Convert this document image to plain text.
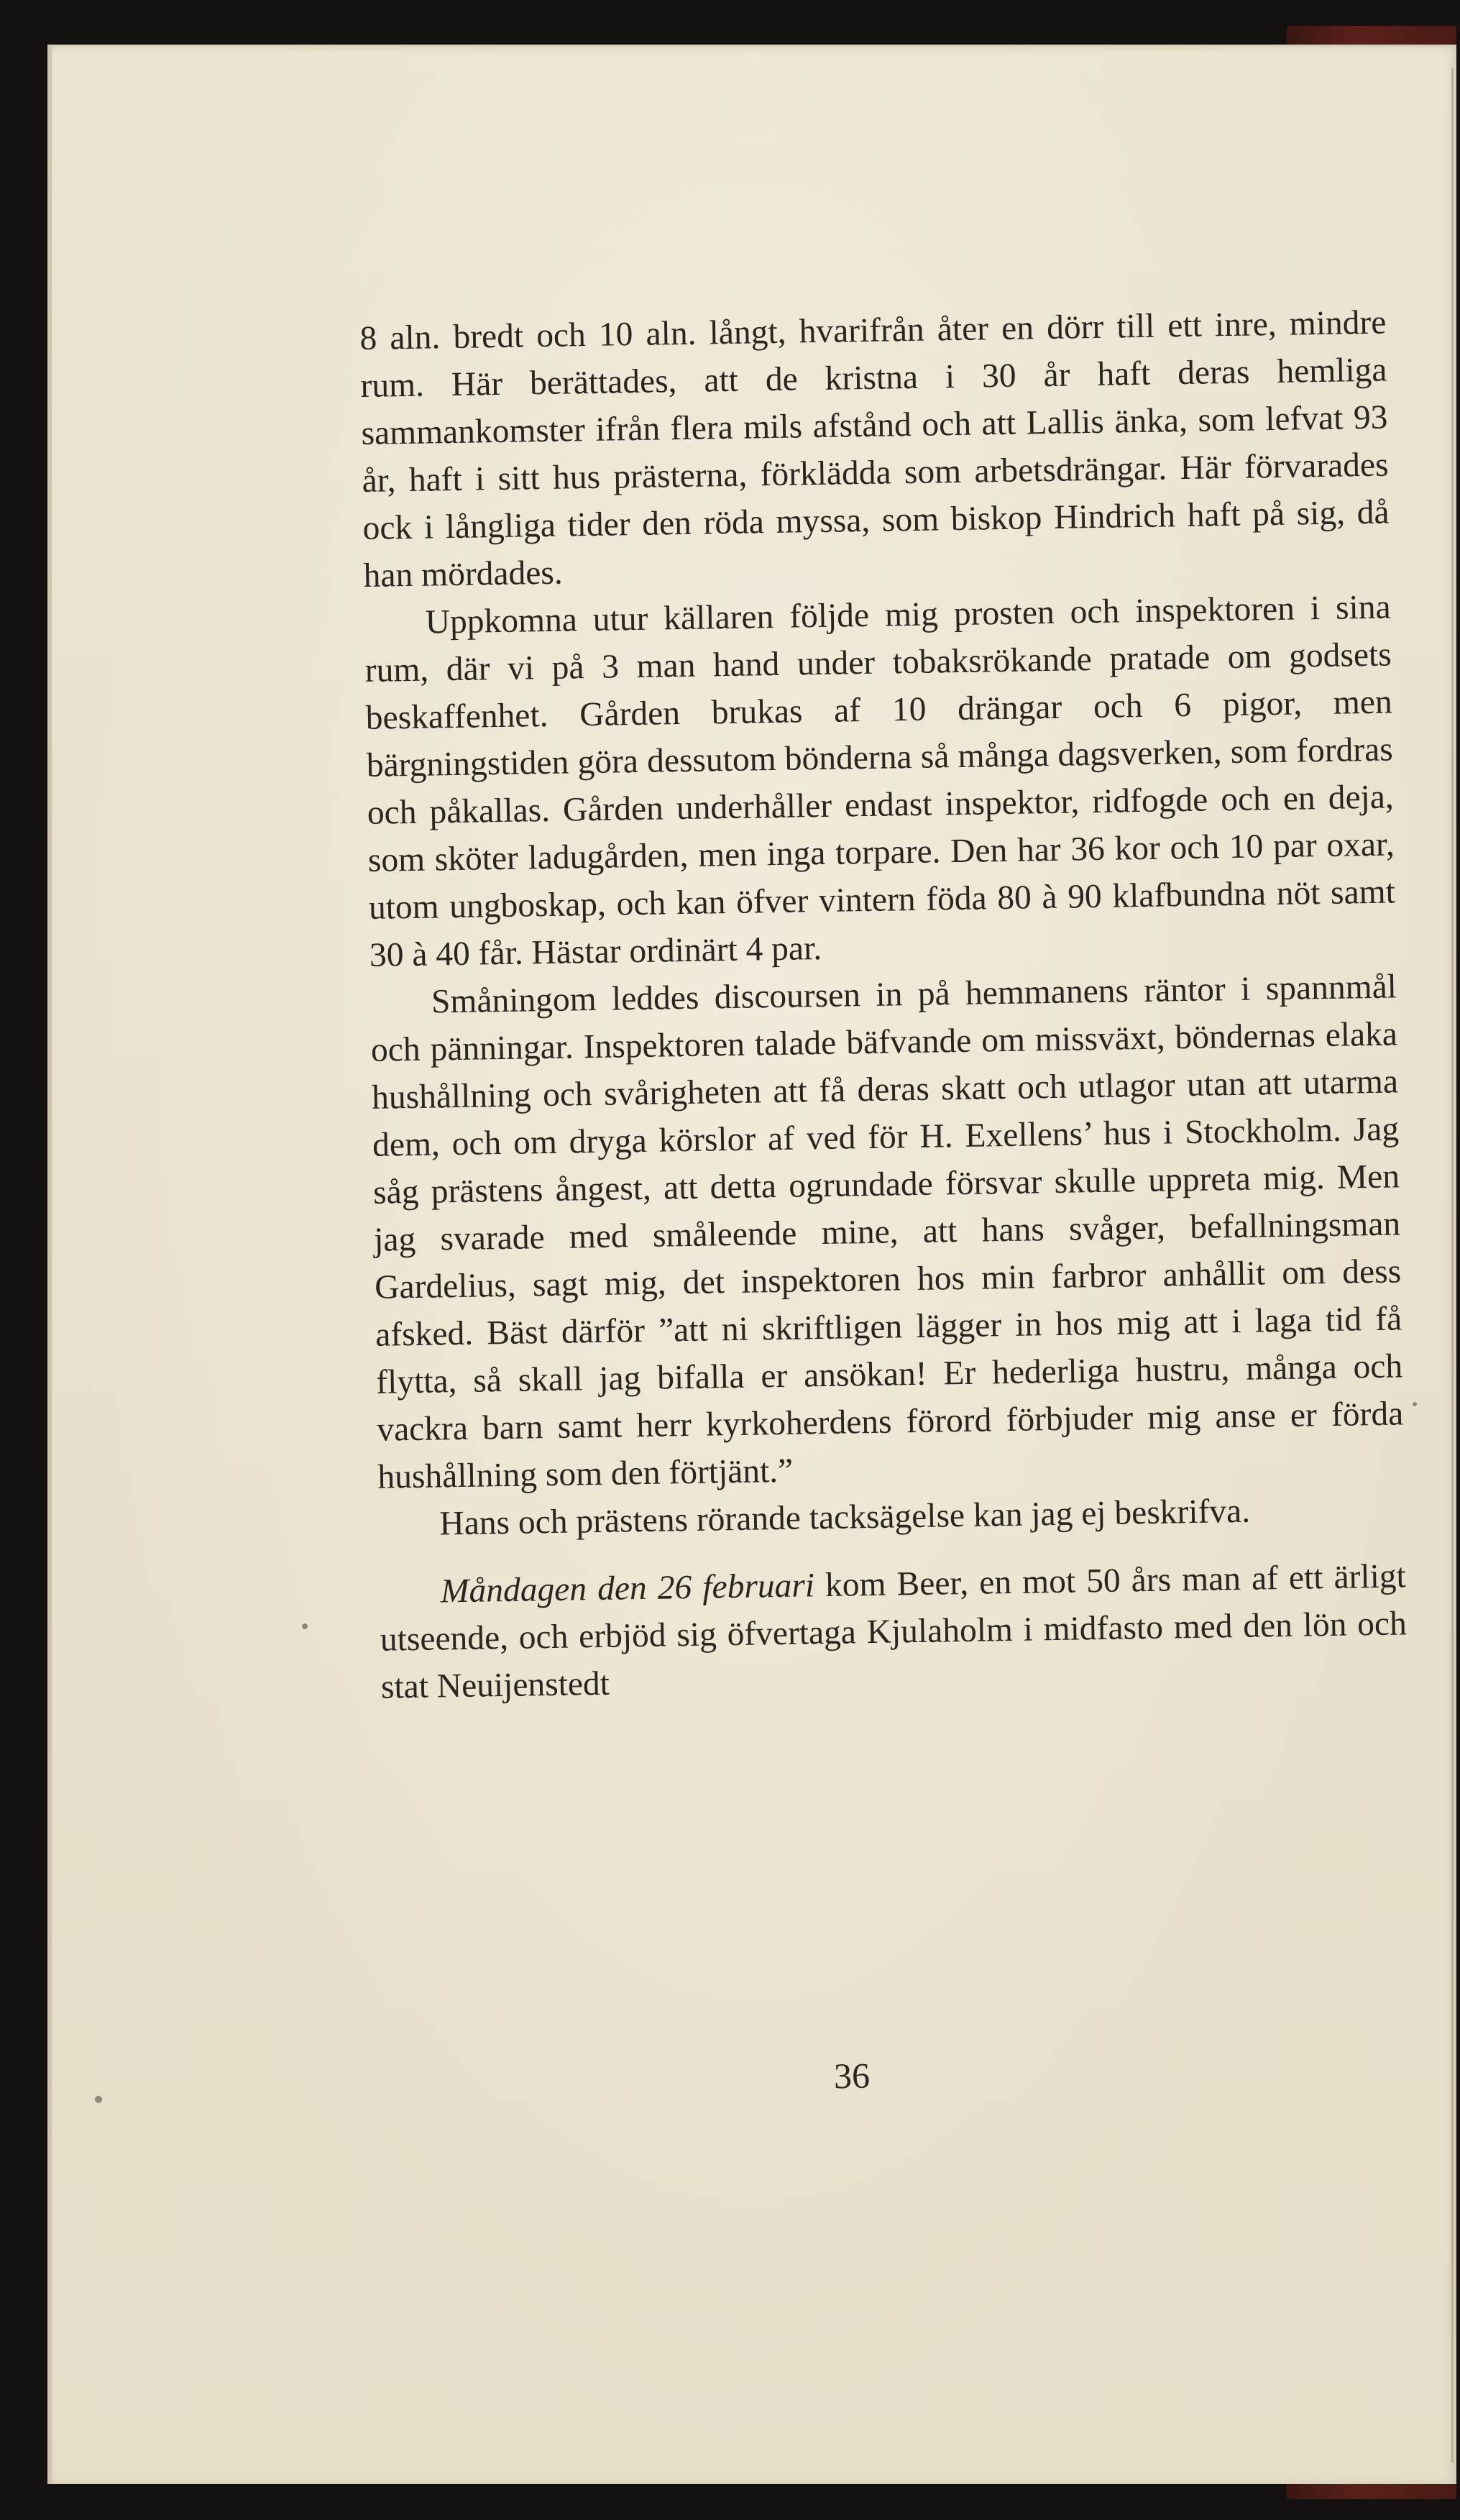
8 aln. bredt och 10 aln. långt, hvarifrån åter en dörr till ett inre, mindre rum. Här berättades, att de kristna i 30 år haft deras hemliga sammankomster ifrån flera mils afstånd och att Lallis änka, som lefvat 93 år, haft i sitt hus prästerna, förklädda som arbetsdrängar. Här förvarades ock i långliga tider den röda myssa, som biskop Hindrich haft på sig, då han mördades.

Uppkomna utur källaren följde mig prosten och inspektoren i sina rum, där vi på 3 man hand under tobaksrökande pratade om godsets beskaffenhet. Gården brukas af 10 drängar och 6 pigor, men bärgningstiden göra dessutom bönderna så många dagsverken, som fordras och påkallas. Gården underhåller endast inspektor, ridfogde och en deja, som sköter ladugården, men inga torpare. Den har 36 kor och 10 par oxar, utom ungboskap, och kan öfver vintern föda 80 à 90 klafbundna nöt samt 30 à 40 får. Hästar ordinärt 4 par.

Småningom leddes discoursen in på hemmanens räntor i spannmål och pänningar. Inspektoren talade bäfvande om missväxt, böndernas elaka hushållning och svårigheten att få deras skatt och utlagor utan att utarma dem, och om dryga körslor af ved för H. Exellens’ hus i Stockholm. Jag såg prästens ångest, att detta ogrundade försvar skulle uppreta mig. Men jag svarade med småleende mine, att hans svåger, befallningsman Gardelius, sagt mig, det inspektoren hos min farbror anhållit om dess afsked. Bäst därför ”att ni skriftligen lägger in hos mig att i laga tid få flytta, så skall jag bifalla er ansökan! Er hederliga hustru, många och vackra barn samt herr kyrkoherdens förord förbjuder mig anse er förda hushållning som den förtjänt.”

Hans och prästens rörande tacksägelse kan jag ej beskrifva.

Måndagen den 26 februari kom Beer, en mot 50 års man af ett ärligt utseende, och erbjöd sig öfvertaga Kjulaholm i midfasto med den lön och stat Neuijenstedt

36
